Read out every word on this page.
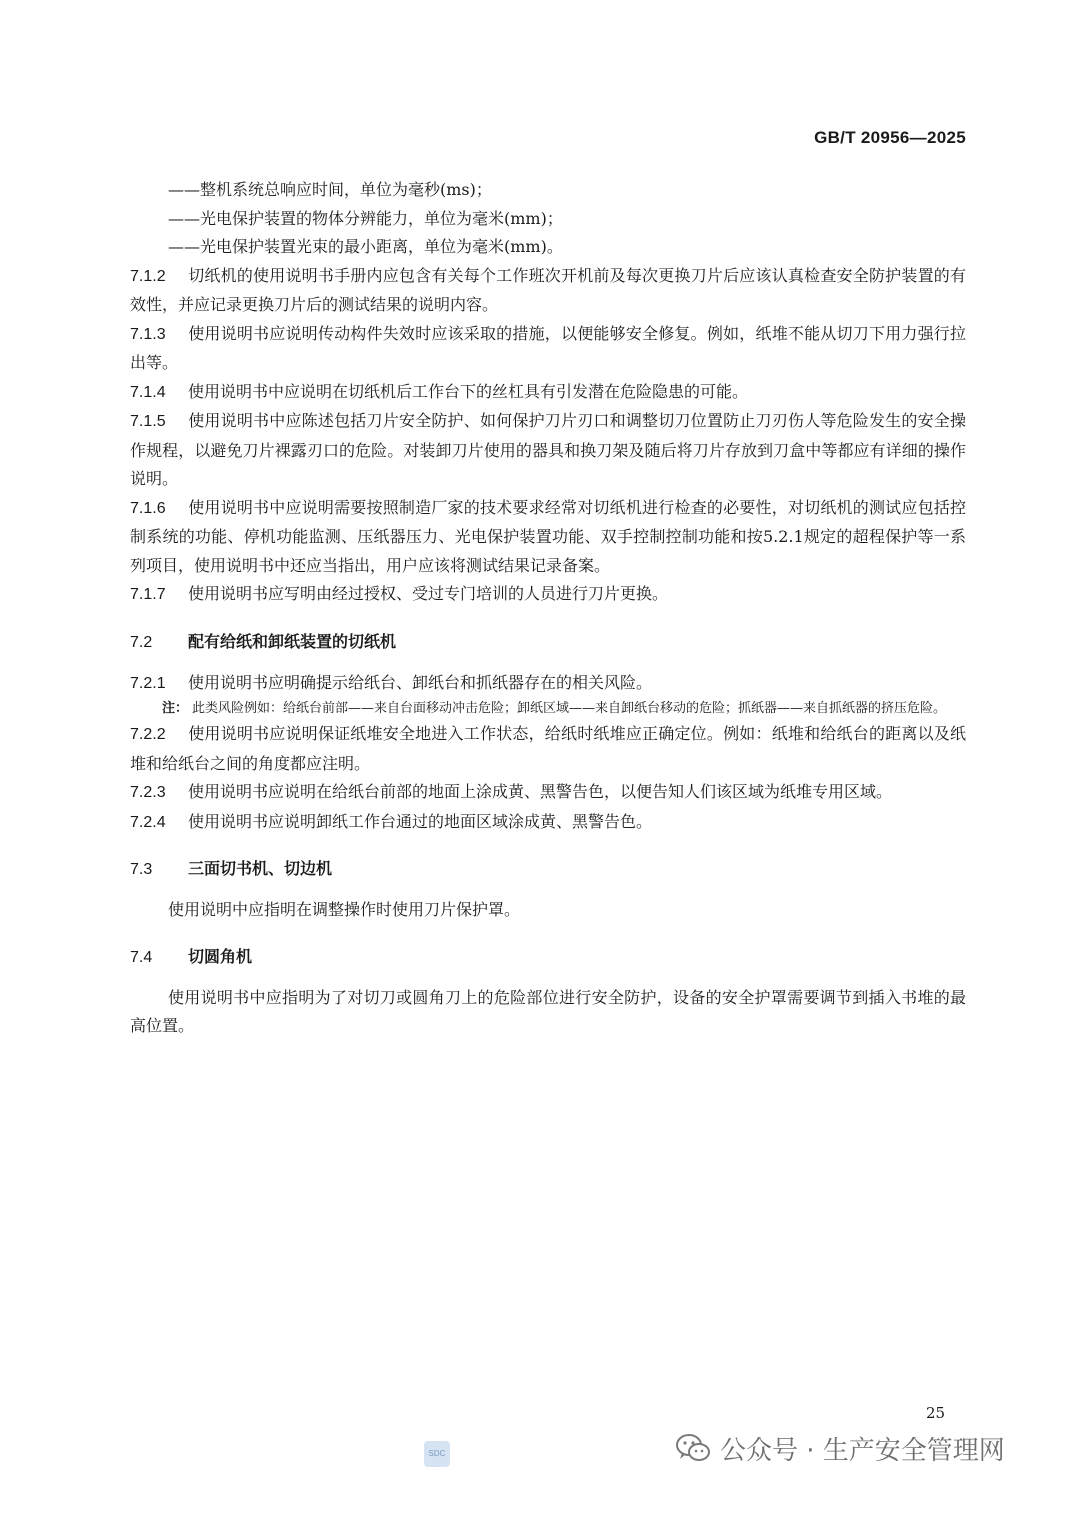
GB/T 20956—2025
——整机系统总响应时间，单位为毫秒(ms)；
——光电保护装置的物体分辨能力，单位为毫米(mm)；
——光电保护装置光束的最小距离，单位为毫米(mm)。
7.1.2 切纸机的使用说明书手册内应包含有关每个工作班次开机前及每次更换刀片后应该认真检查安全防护装置的有效性，并应记录更换刀片后的测试结果的说明内容。
7.1.3 使用说明书应说明传动构件失效时应该采取的措施，以便能够安全修复。例如，纸堆不能从切刀下用力强行拉出等。
7.1.4 使用说明书中应说明在切纸机后工作台下的丝杠具有引发潜在危险隐患的可能。
7.1.5 使用说明书中应陈述包括刀片安全防护、如何保护刀片刃口和调整切刀位置防止刀刃伤人等危险发生的安全操作规程，以避免刀片裸露刃口的危险。对装卸刀片使用的器具和换刀架及随后将刀片存放到刀盒中等都应有详细的操作说明。
7.1.6 使用说明书中应说明需要按照制造厂家的技术要求经常对切纸机进行检查的必要性，对切纸机的测试应包括控制系统的功能、停机功能监测、压纸器压力、光电保护装置功能、双手控制控制功能和按5.2.1规定的超程保护等一系列项目，使用说明书中还应当指出，用户应该将测试结果记录备案。
7.1.7 使用说明书应写明由经过授权、受过专门培训的人员进行刀片更换。
7.2 配有给纸和卸纸装置的切纸机
7.2.1 使用说明书应明确提示给纸台、卸纸台和抓纸器存在的相关风险。
注： 此类风险例如：给纸台前部——来自台面移动冲击危险；卸纸区域——来自卸纸台移动的危险；抓纸器——来自抓纸器的挤压危险。
7.2.2 使用说明书应说明保证纸堆安全地进入工作状态，给纸时纸堆应正确定位。例如：纸堆和给纸台的距离以及纸堆和给纸台之间的角度都应注明。
7.2.3 使用说明书应说明在给纸台前部的地面上涂成黄、黑警告色，以便告知人们该区域为纸堆专用区域。
7.2.4 使用说明书应说明卸纸工作台通过的地面区域涂成黄、黑警告色。
7.3 三面切书机、切边机
使用说明中应指明在调整操作时使用刀片保护罩。
7.4 切圆角机
使用说明书中应指明为了对切刀或圆角刀上的危险部位进行安全防护，设备的安全护罩需要调节到插入书堆的最高位置。
25
SDC	公众号 · 生产安全管理网
